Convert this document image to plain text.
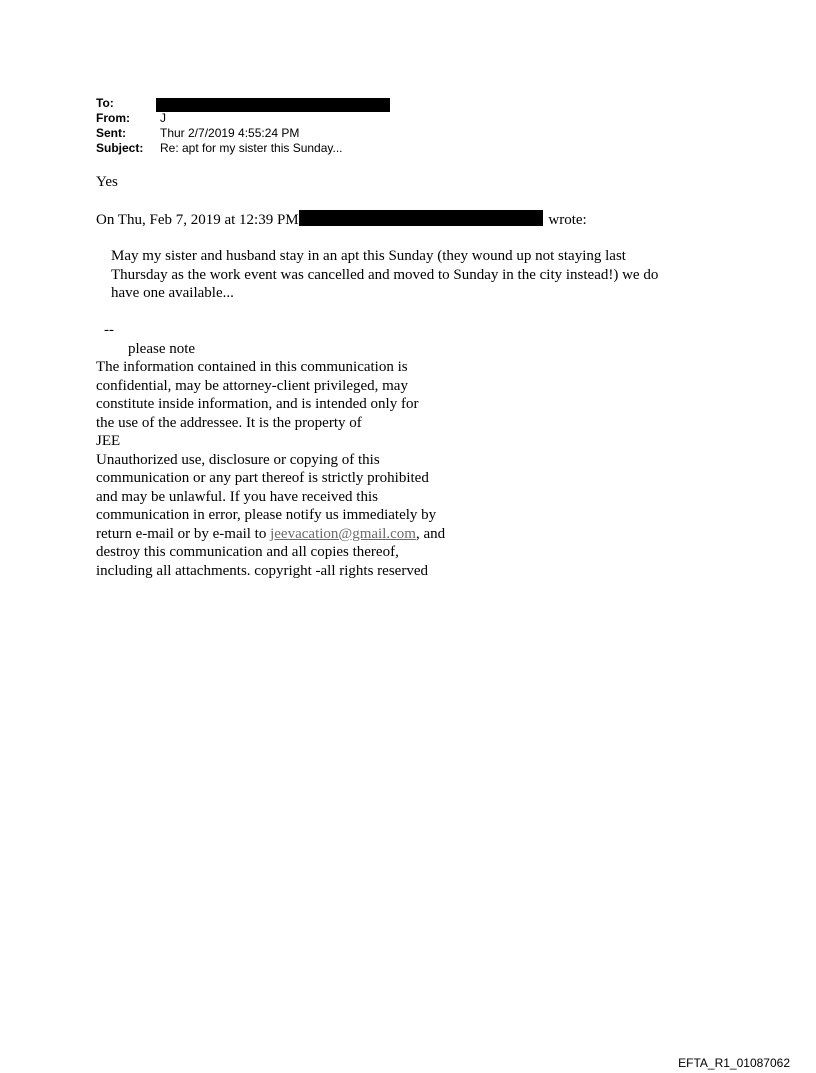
To:
From:	J
Sent:	Thur 2/7/2019 4:55:24 PM
Subject:	Re: apt for my sister this Sunday...
Yes
On Thu, Feb 7, 2019 at 12:39 PM	wrote:
May my sister and husband stay in an apt this Sunday (they wound up not staying last
Thursday as the work event was cancelled and moved to Sunday in the city instead!) we do
have one available...
--
please note
The information contained in this communication is
confidential, may be attorney-client privileged, may
constitute inside information, and is intended only for
the use of the addressee. It is the property of
JEE
Unauthorized use, disclosure or copying of this
communication or any part thereof is strictly prohibited
and may be unlawful. If you have received this
communication in error, please notify us immediately by
return e-mail or by e-mail to jeevacation@gmail.com, and
destroy this communication and all copies thereof,
including all attachments. copyright -all rights reserved
EFTA_R1_01087062
